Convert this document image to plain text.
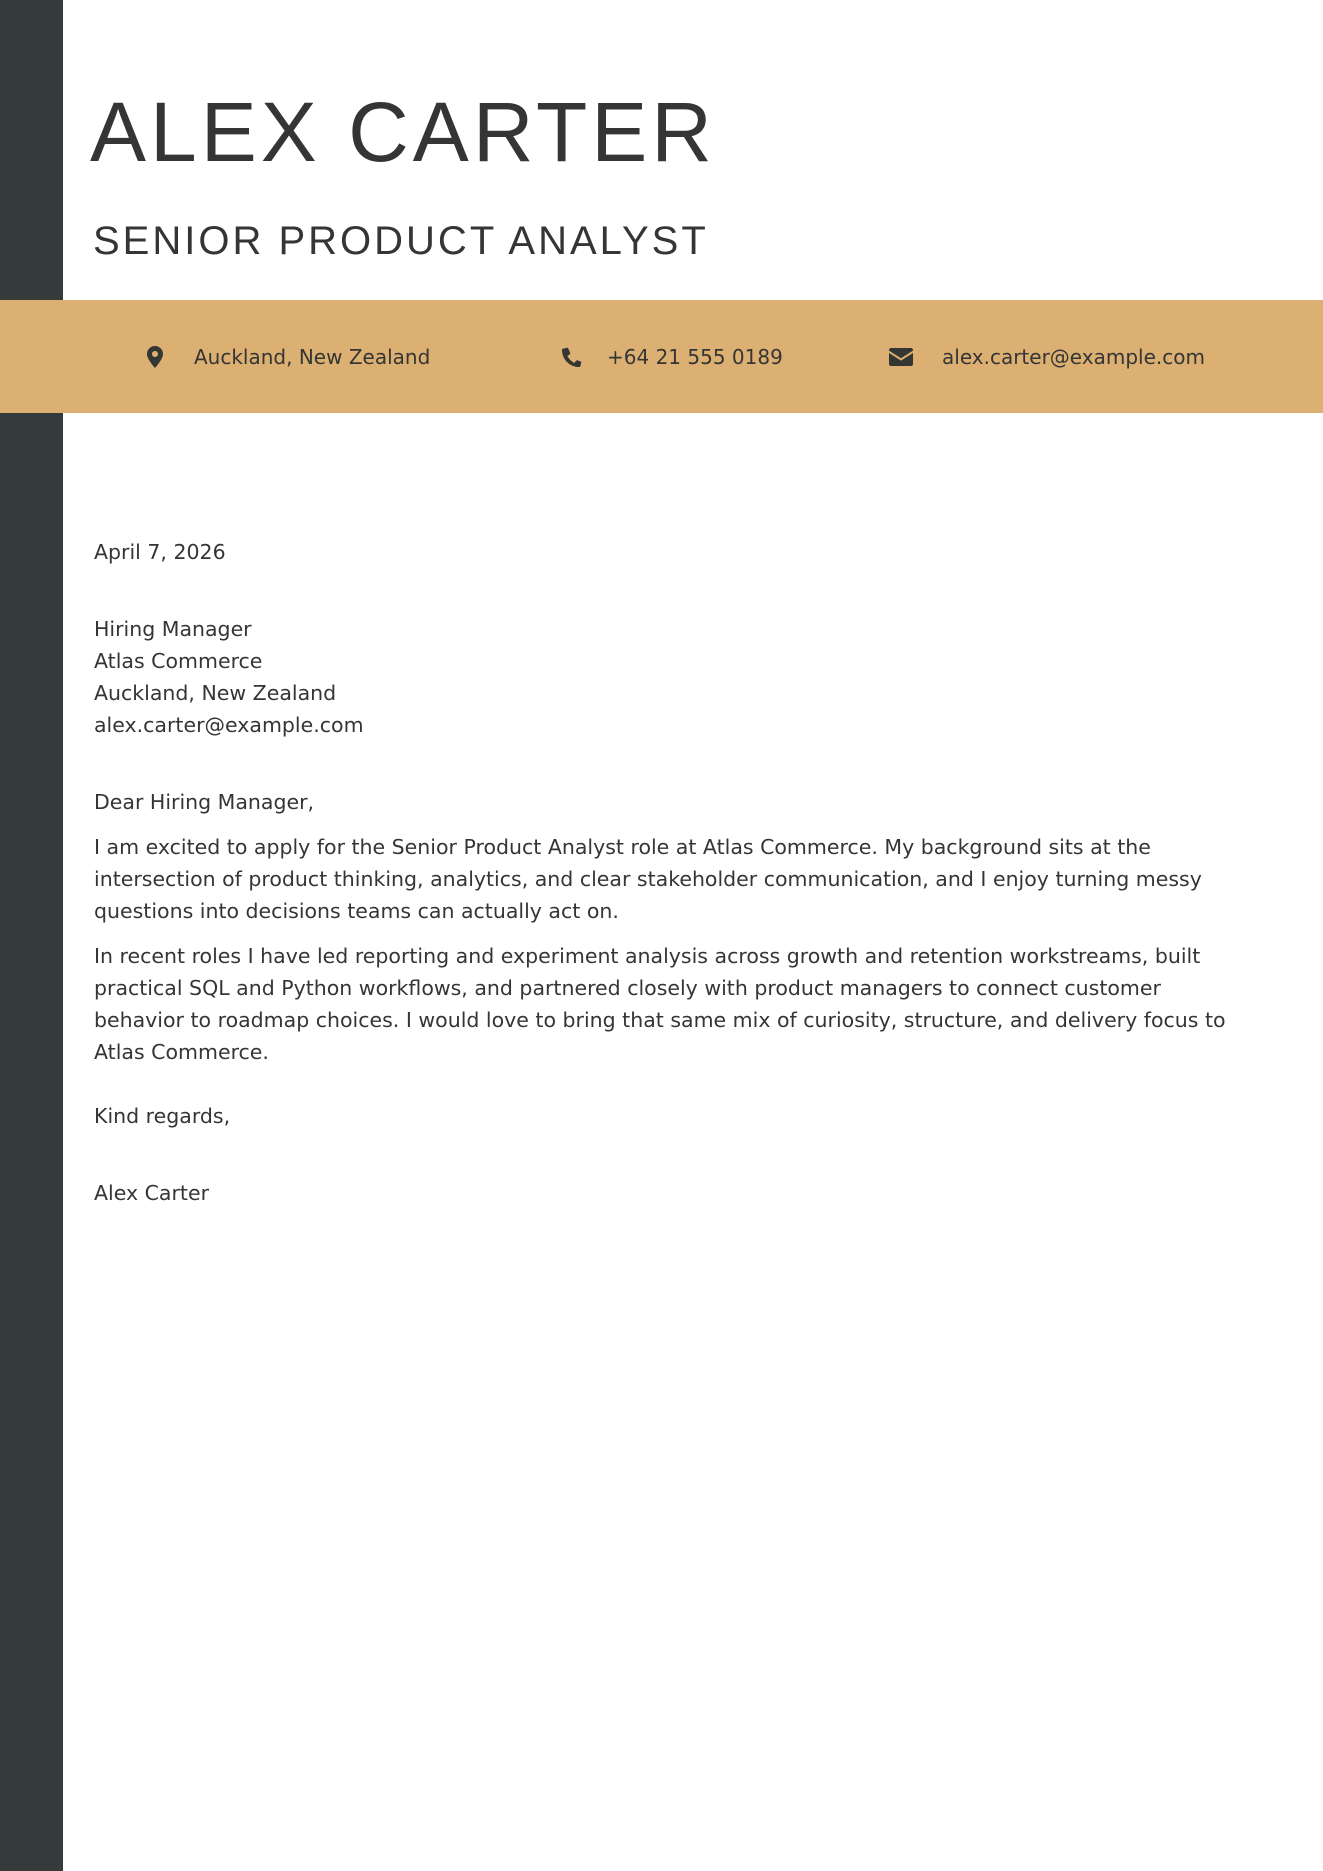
ALEX CARTER
SENIOR PRODUCT ANALYST
Auckland, New Zealand	+64 21 555 0189	alex.carter@example.com

April 7, 2026

Hiring Manager
Atlas Commerce
Auckland, New Zealand
alex.carter@example.com

Dear Hiring Manager,

I am excited to apply for the Senior Product Analyst role at Atlas Commerce. My background sits at the intersection of product thinking, analytics, and clear stakeholder communication, and I enjoy turning messy questions into decisions teams can actually act on.

In recent roles I have led reporting and experiment analysis across growth and retention workstreams, built practical SQL and Python workflows, and partnered closely with product managers to connect customer behavior to roadmap choices. I would love to bring that same mix of curiosity, structure, and delivery focus to Atlas Commerce.

Kind regards,

Alex Carter
